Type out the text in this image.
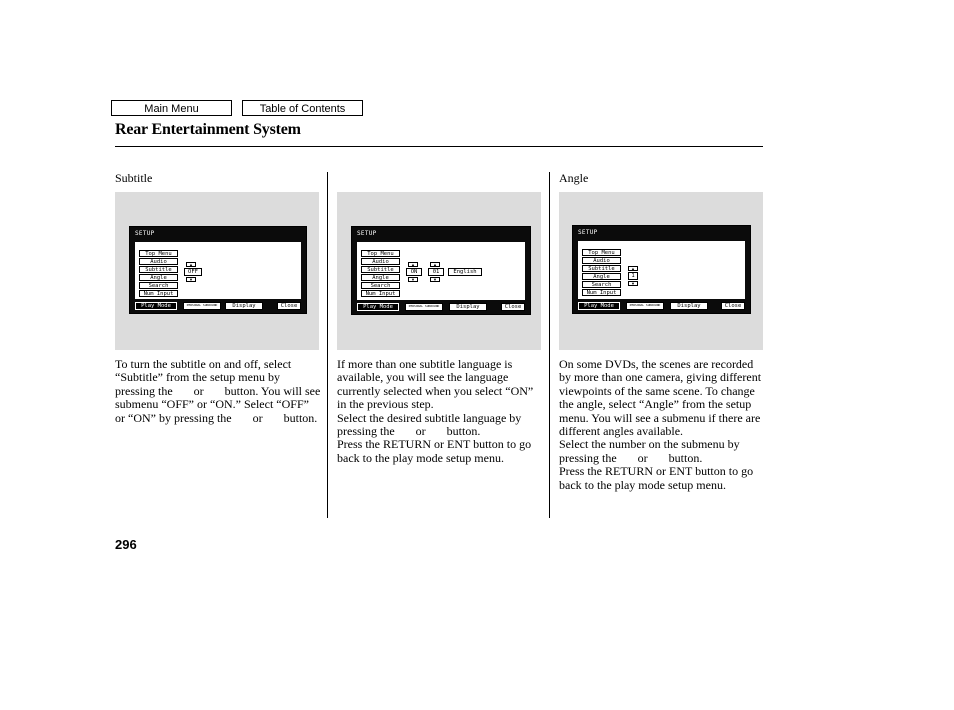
Main Menu	Table of Contents
Rear Entertainment System
Subtitle
SETUP
Top Menu
Audio
Subtitle
Angle
Search
Num Input
▲
OFF
▼
Play Mode	PERSONAL SURROUND	Display	Close

To turn the subtitle on and off, select “Subtitle” from the setup menu by pressing the   or   button. You will see submenu “OFF” or “ON.” Select “OFF” or “ON” by pressing the   or   button.

SETUP
Top Menu
Audio
Subtitle
Angle
Search
Num Input
▲
ON
▼
▲
01
▼
English
Play Mode	PERSONAL SURROUND	Display	Close

If more than one subtitle language is available, you will see the language currently selected when you select “ON” in the previous step.

Select the desired subtitle language by pressing the   or   button.

Press the RETURN or ENT button to go back to the play mode setup menu.

Angle
SETUP
Top Menu
Audio
Subtitle
Angle
Search
Num Input
▲
1
▼
Play Mode	PERSONAL SURROUND	Display	Close

On some DVDs, the scenes are recorded by more than one camera, giving different viewpoints of the same scene. To change the angle, select “Angle” from the setup menu. You will see a submenu if there are different angles available.

Select the number on the submenu by pressing the   or   button.

Press the RETURN or ENT button to go back to the play mode setup menu.

296
